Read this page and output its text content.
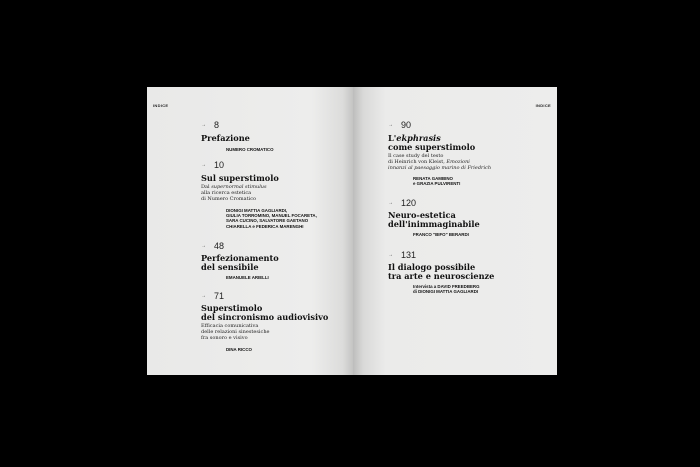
INDICE
→ 8
Prefazione
NUMERO CROMATICO
→ 10
Sul superstimolo
Dal supernormal stimulus
alla ricerca estetica
di Numero Cromatico
DIONIGI MATTIA GAGLIARDI,
GIULIA TORROMINO, MANUEL FOCARETA,
SARA CUCINO, SALVATORE GAETANO
CHIARELLA e FEDERICA MARENGHI
→ 48
Perfezionamento
del sensibile
EMANUELE ARIELLI
→ 71
Superstimolo
del sincronismo audiovisivo
Efficacia comunicativa
delle relazioni sinestesiche
fra sonoro e visivo
DINA RICCO
INDICE
→ 90
L'ekphrasis
come superstimolo
Il case study del testo
di Heinrich von Kleist, Emozioni
innanzi al paesaggio marino di Friedrich
RENATA GAMBINO
e GRAZIA PULVIRENTI
→ 120
Neuro-estetica
dell'inimmaginabile
FRANCO "BIFO" BERARDI
→ 131
Il dialogo possibile
tra arte e neuroscienze
Intervista a DAVID FREEDBERG
di DIONIGI MATTIA GAGLIARDI
